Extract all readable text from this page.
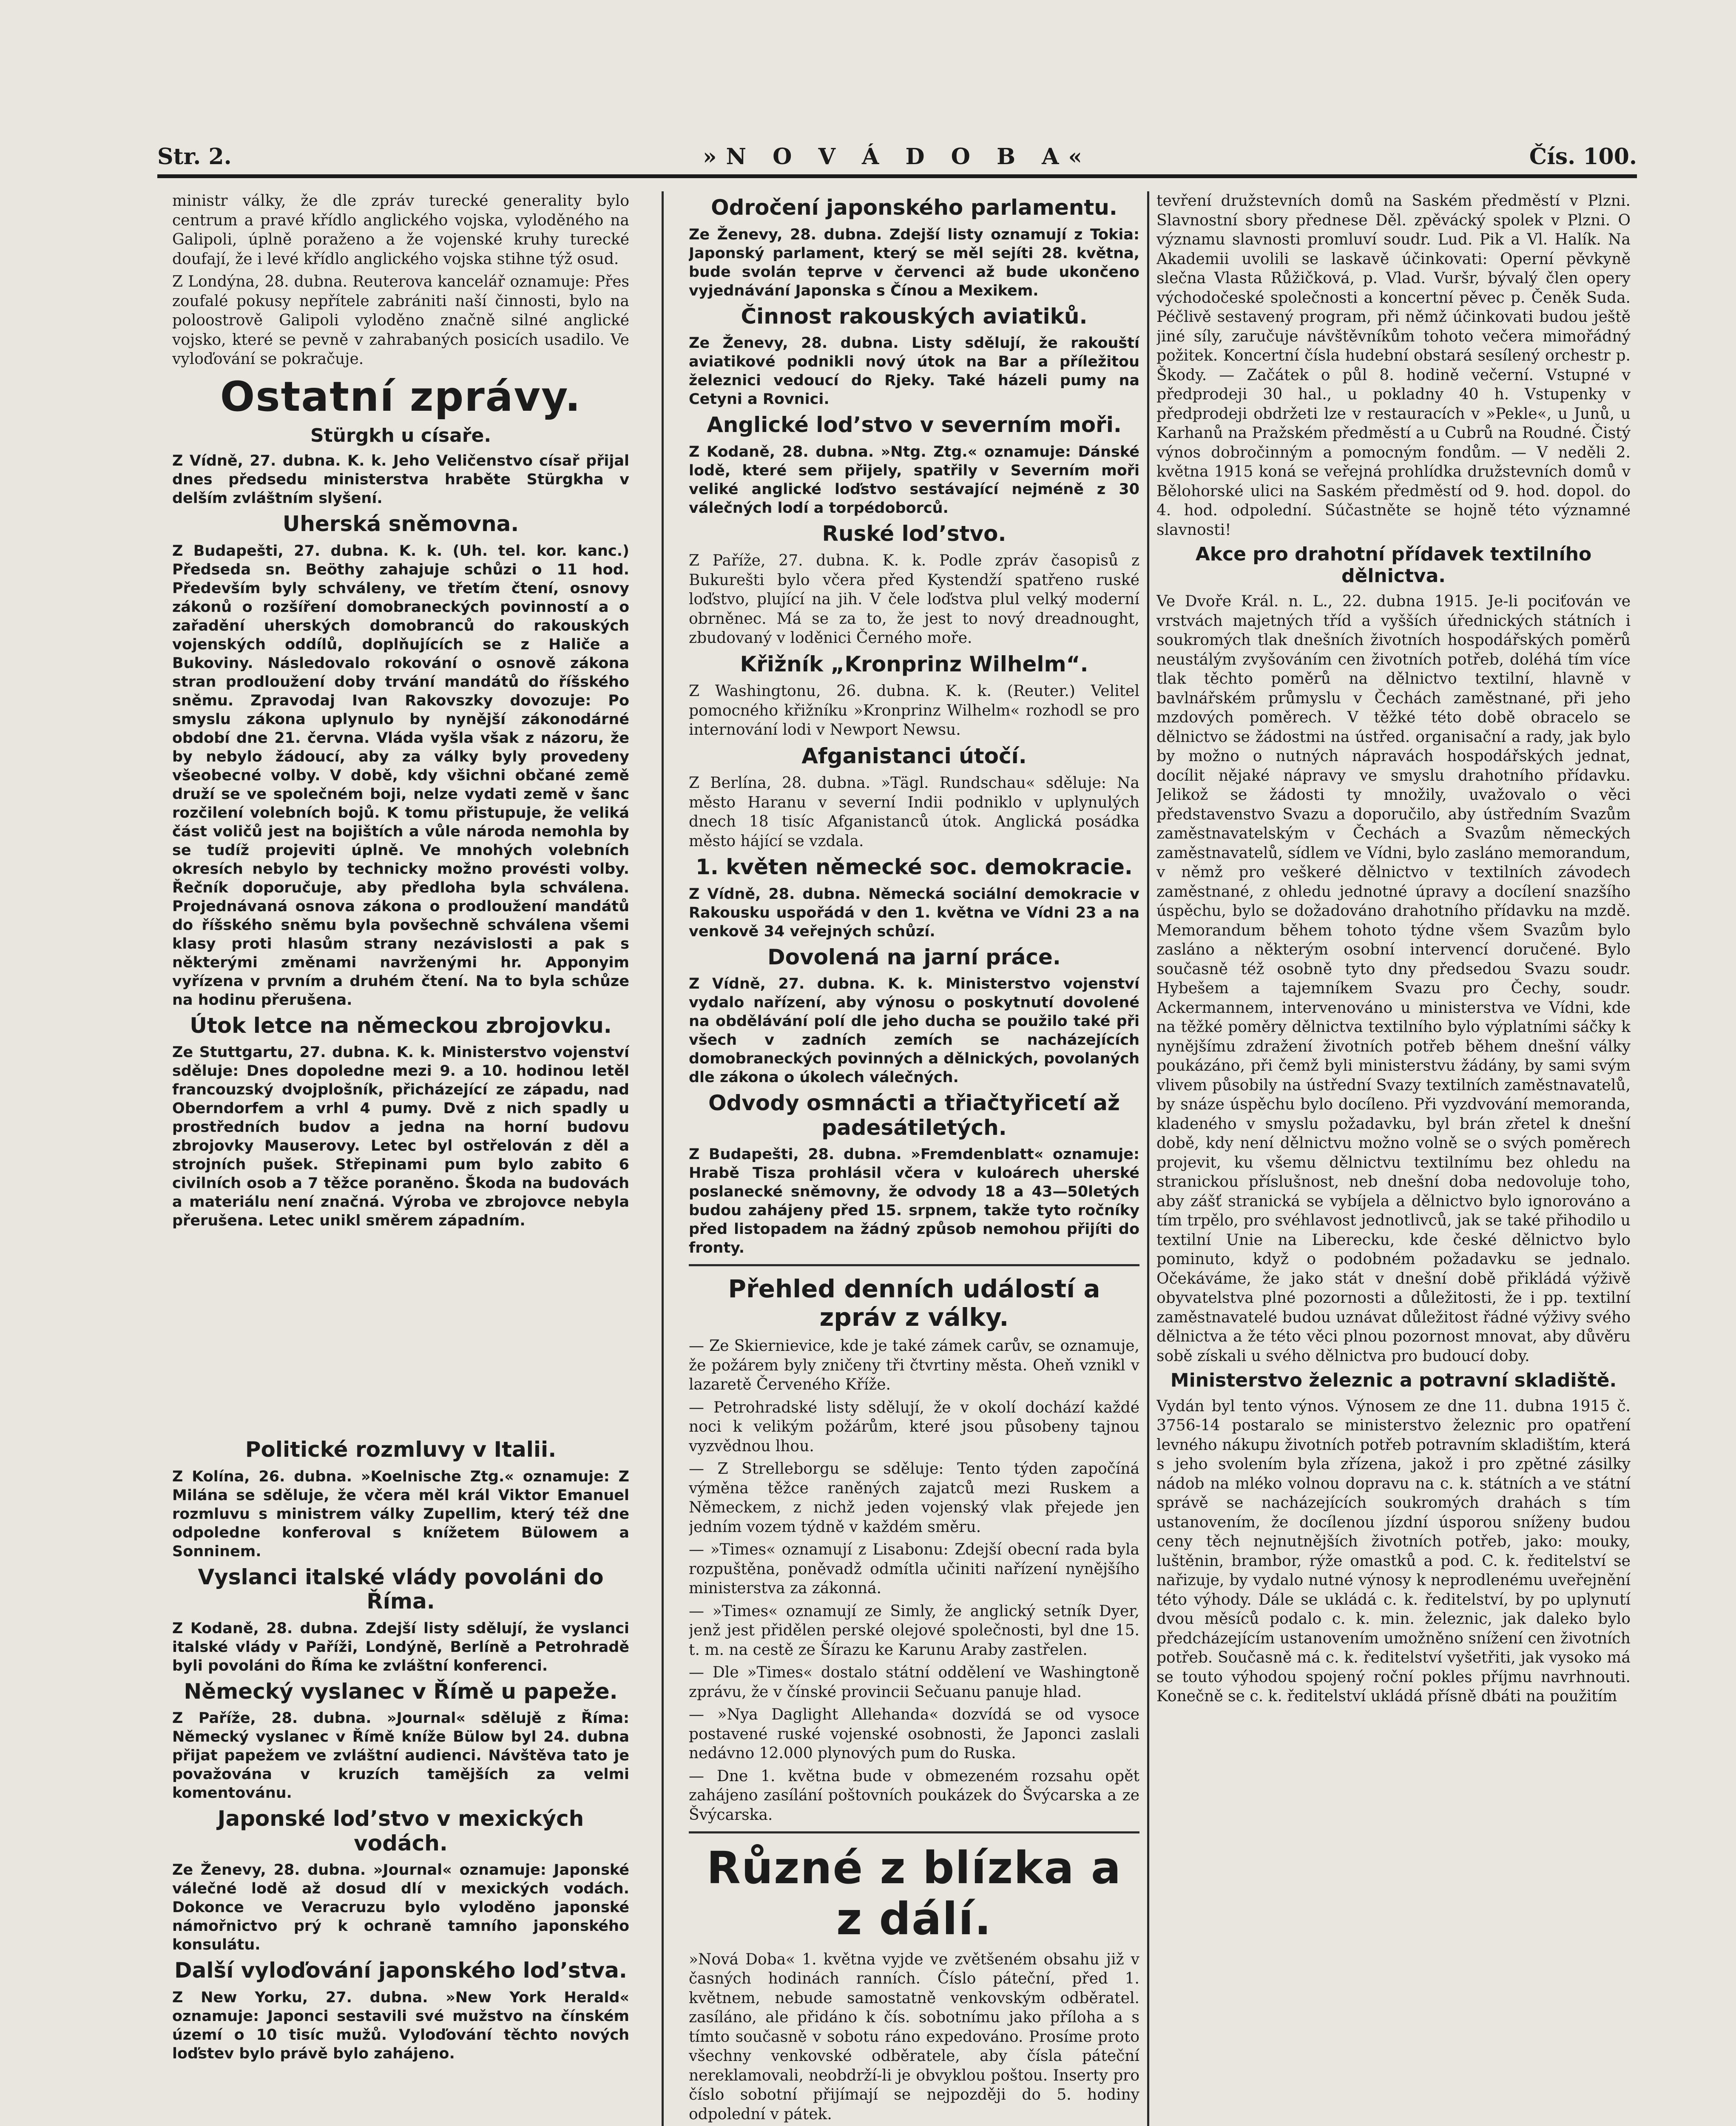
»N O V Á D O B A«
Str. 2.	Čís. 100.

ministr války, že dle zpráv turecké generality bylo centrum a pravé křídlo anglického vojska, vyloděného na Galipoli, úplně poraženo a že vojenské kruhy turecké doufají, že i levé křídlo anglického vojska stihne týž osud.

Z Londýna, 28. dubna. Reuterova kancelář oznamuje: Přes zoufalé pokusy nepřítele zabrániti naší činnosti, bylo na poloostrově Galipoli vyloděno značně silné anglické vojsko, které se pevně v zahrabaných posicích usadilo. Ve vyloďování se pokračuje.

Ostatní zprávy.
Stürgkh u císaře.

Z Vídně, 27. dubna. K. k. Jeho Veličenstvo císař přijal dnes předsedu ministerstva hraběte Stürgkha v delším zvláštním slyšení.

Uherská sněmovna.

Z Budapešti, 27. dubna. K. k. (Uh. tel. kor. kanc.) Předseda sn. Beöthy zahajuje schůzi o 11 hod. Především byly schváleny, ve třetím čtení, osnovy zákonů o rozšíření domobraneckých povinností a o zařadění uherských domobranců do rakouských vojenských oddílů, doplňujících se z Haliče a Bukoviny. Následovalo rokování o osnově zákona stran prodloužení doby trvání mandátů do říšského sněmu. Zpravodaj Ivan Rakovszky dovozuje: Po smyslu zákona uplynulo by nynější zákonodárné období dne 21. června. Vláda vyšla však z názoru, že by nebylo žádoucí, aby za války byly provedeny všeobecné volby. V době, kdy všichni občané země druží se ve společném boji, nelze vydati země v šanc rozčilení volebních bojů. K tomu přistupuje, že veliká část voličů jest na bojištích a vůle národa nemohla by se tudíž projeviti úplně. Ve mnohých volebních okresích nebylo by technicky možno provésti volby. Řečník doporučuje, aby předloha byla schválena. Projednávaná osnova zákona o prodloužení mandátů do říšského sněmu byla povšechně schválena všemi klasy proti hlasům strany nezávislosti a pak s některými změnami navrženými hr. Apponyim vyřízena v prvním a druhém čtení. Na to byla schůze na hodinu přerušena.

Útok letce na německou zbrojovku.

Ze Stuttgartu, 27. dubna. K. k. Ministerstvo vojenství sděluje: Dnes dopoledne mezi 9. a 10. hodinou letěl francouzský dvojplošník, přicházející ze západu, nad Oberndorfem a vrhl 4 pumy. Dvě z nich spadly u prostředních budov a jedna na horní budovu zbrojovky Mauserovy. Letec byl ostřelován z děl a strojních pušek. Střepinami pum bylo zabito 6 civilních osob a 7 těžce poraněno. Škoda na budovách a materiálu není značná. Výroba ve zbrojovce nebyla přerušena. Letec unikl směrem západním.

Politické rozmluvy v Italii.

Z Kolína, 26. dubna. »Koelnische Ztg.« oznamuje: Z Milána se sděluje, že včera měl král Viktor Emanuel rozmluvu s ministrem války Zupellim, který též dne odpoledne konferoval s knížetem Bülowem a Sonninem.

Vyslanci italské vlády povoláni do Říma.

Z Kodaně, 28. dubna. Zdejší listy sdělují, že vyslanci italské vlády v Paříži, Londýně, Berlíně a Petrohradě byli povoláni do Říma ke zvláštní konferenci.

Německý vyslanec v Římě u papeže.

Z Paříže, 28. dubna. »Journal« sdělujě z Říma: Německý vyslanec v Římě kníže Bülow byl 24. dubna přijat papežem ve zvláštní audienci. Návštěva tato je považována v kruzích tamějších za velmi komentovánu.

Japonské lodʼstvo v mexických vodách.

Ze Ženevy, 28. dubna. »Journal« oznamuje: Japonské válečné lodě až dosud dlí v mexických vodách. Dokonce ve Veracruzu bylo vyloděno japonské námořnictvo prý k ochraně tamního japonského konsulátu.

Další vyloďování japonského lodʼstva.

Z New Yorku, 27. dubna. »New York Herald« oznamuje: Japonci sestavili své mužstvo na čínském území o 10 tisíc mužů. Vyloďování těchto nových loďstev bylo právě bylo zahájeno.

Odročení japonského parlamentu.

Ze Ženevy, 28. dubna. Zdejší listy oznamují z Tokia: Japonský parlament, který se měl sejíti 28. května, bude svolán teprve v červenci až bude ukončeno vyjednávání Japonska s Čínou a Mexikem.

Činnost rakouských aviatiků.

Ze Ženevy, 28. dubna. Listy sdělují, že rakouští aviatikové podnikli nový útok na Bar a příležitou železnici vedoucí do Rjeky. Také házeli pumy na Cetyni a Rovnici.

Anglické lodʼstvo v severním moři.

Z Kodaně, 28. dubna. »Ntg. Ztg.« oznamuje: Dánské lodě, které sem přijely, spatřily v Severním moři veliké anglické loďstvo sestávající nejméně z 30 válečných lodí a torpédoborců.

Ruské lodʼstvo.

Z Paříže, 27. dubna. K. k. Podle zpráv časopisů z Bukurešti bylo včera před Kystendží spatřeno ruské loďstvo, plující na jih. V čele loďstva plul velký moderní obrněnec. Má se za to, že jest to nový dreadnought, zbudovaný v loděnici Černého moře.

Křižník „Kronprinz Wilhelm“.

Z Washingtonu, 26. dubna. K. k. (Reuter.) Velitel pomocného křižníku »Kronprinz Wilhelm« rozhodl se pro internování lodi v Newport Newsu.

Afganistanci útočí.

Z Berlína, 28. dubna. »Tägl. Rundschau« sděluje: Na město Haranu v severní Indii podniklo v uplynulých dnech 18 tisíc Afganistanců útok. Anglická posádka město hájící se vzdala.

1. květen německé soc. demokracie.

Z Vídně, 28. dubna. Německá sociální demokracie v Rakousku uspořádá v den 1. května ve Vídni 23 a na venkově 34 veřejných schůzí.

Dovolená na jarní práce.

Z Vídně, 27. dubna. K. k. Ministerstvo vojenství vydalo nařízení, aby výnosu o poskytnutí dovolené na obdělávání polí dle jeho ducha se použilo také při všech v zadních zemích se nacházejících domobraneckých povinných a dělnických, povolaných dle zákona o úkolech válečných.

Odvody osmnácti a třiačtyřicetí až padesátiletých.

Z Budapešti, 28. dubna. »Fremdenblatt« oznamuje: Hrabě Tisza prohlásil včera v kuloárech uherské poslanecké sněmovny, že odvody 18 a 43—50letých budou zahájeny před 15. srpnem, takže tyto ročníky před listopadem na žádný způsob nemohou přijíti do fronty.

Přehled denních událostí a zpráv z války.

— Ze Skiernievice, kde je také zámek carův, se oznamuje, že požárem byly zničeny tři čtvrtiny města. Oheň vznikl v lazaretě Červeného Kříže.

— Petrohradské listy sdělují, že v okolí dochází každé noci k velikým požárům, které jsou působeny tajnou vyzvědnou lhou.

— Z Strelleborgu se sděluje: Tento týden započíná výměna těžce raněných zajatců mezi Ruskem a Německem, z nichž jeden vojenský vlak přejede jen jedním vozem týdně v každém směru.

— »Times« oznamují z Lisabonu: Zdejší obecní rada byla rozpuštěna, poněvadž odmítla učiniti nařízení nynějšího ministerstva za zákonná.

— »Times« oznamují ze Simly, že anglický setník Dyer, jenž jest přidělen perské olejové společnosti, byl dne 15. t. m. na cestě ze Šírazu ke Karunu Araby zastřelen.

— Dle »Times« dostalo státní oddělení ve Washingtoně zprávu, že v čínské provincii Sečuanu panuje hlad.

— »Nya Daglight Allehanda« dozvídá se od vysoce postavené ruské vojenské osobnosti, že Japonci zaslali nedávno 12.000 plynových pum do Ruska.

— Dne 1. května bude v obmezeném rozsahu opět zahájeno zasílání poštovních poukázek do Švýcarska a ze Švýcarska.

Různé z blízka a z dálí.

»Nová Doba« 1. května vyjde ve zvětšeném obsahu již v časných hodinách ranních. Číslo páteční, před 1. květnem, nebude samostatně venkovským odběratel. zasíláno, ale přidáno k čís. sobotnímu jako příloha a s tímto současně v sobotu ráno expedováno. Prosíme proto všechny venkovské odběratele, aby čísla páteční nereklamovali, neobdrží-li je obvyklou poštou. Inserty pro číslo sobotní přijímají se nejpozději do 5. hodiny odpolední v pátek.

tevření družstevních domů na Saském předměstí v Plzni. Slavnostní sbory přednese Děl. zpěvácký spolek v Plzni. O významu slavnosti promluví soudr. Lud. Pik a Vl. Halík. Na Akademii uvolili se laskavě účinkovati: Operní pěvkyně slečna Vlasta Růžičková, p. Vlad. Vuršr, bývalý člen opery východočeské společnosti a koncertní pěvec p. Čeněk Suda. Péčlivě sestavený program, při němž účinkovati budou ještě jiné síly, zaručuje návštěvníkům tohoto večera mimořádný požitek. Koncertní čísla hudební obstará sesílený orchestr p. Škody. — Začátek o půl 8. hodině večerní. Vstupné v předprodeji 30 hal., u pokladny 40 h. Vstupenky v předprodeji obdržeti lze v restauracích v »Pekle«, u Junů, u Karhanů na Pražském předměstí a u Cubrů na Roudné. Čistý výnos dobročinným a pomocným fondům. — V neděli 2. května 1915 koná se veřejná prohlídka družstevních domů v Bělohorské ulici na Saském předměstí od 9. hod. dopol. do 4. hod. odpolední. Súčastněte se hojně této významné slavnosti!

Akce pro drahotní přídavek textilního dělnictva.

Ve Dvoře Král. n. L., 22. dubna 1915. Je-li pociťován ve vrstvách majetných tříd a vyšších úřednických státních i soukromých tlak dnešních životních hospodářských poměrů neustálým zvyšováním cen životních potřeb, doléhá tím více tlak těchto poměrů na dělnictvo textilní, hlavně v bavlnářském průmyslu v Čechách zaměstnané, při jeho mzdových poměrech. V těžké této době obracelo se dělnictvo se žádostmi na ústřed. organisační a rady, jak bylo by možno o nutných nápravách hospodářských jednat, docílit nějaké nápravy ve smyslu drahotního přídavku. Jelikož se žádosti ty množily, uvažovalo o věci představenstvo Svazu a doporučilo, aby ústředním Svazům zaměstnavatelským v Čechách a Svazům německých zaměstnavatelů, sídlem ve Vídni, bylo zasláno memorandum, v němž pro veškeré dělnictvo v textilních závodech zaměstnané, z ohledu jednotné úpravy a docílení snazšího úspěchu, bylo se dožadováno drahotního přídavku na mzdě. Memorandum během tohoto týdne všem Svazům bylo zasláno a některým osobní intervencí doručené. Bylo současně též osobně tyto dny předsedou Svazu soudr. Hybešem a tajemníkem Svazu pro Čechy, soudr. Ackermannem, intervenováno u ministerstva ve Vídni, kde na těžké poměry dělnictva textilního bylo výplatními sáčky k nynějšímu zdražení životních potřeb během dnešní války poukázáno, při čemž byli ministerstvu žádány, by sami svým vlivem působily na ústřední Svazy textilních zaměstnavatelů, by snáze úspěchu bylo docíleno. Při vyzdvování memoranda, kladeného v smyslu požadavku, byl brán zřetel k dnešní době, kdy není dělnictvu možno volně se o svých poměrech projevit, ku všemu dělnictvu textilnímu bez ohledu na stranickou příslušnost, neb dnešní doba nedovoluje toho, aby zášť stranická se vybíjela a dělnictvo bylo ignorováno a tím trpělo, pro svéhlavost jednotlivců, jak se také přihodilo u textilní Unie na Liberecku, kde české dělnictvo bylo pominuto, když o podobném požadavku se jednalo. Očekáváme, že jako stát v dnešní době přikládá výživě obyvatelstva plné pozornosti a důležitosti, že i pp. textilní zaměstnavatelé budou uznávat důležitost řádné výživy svého dělnictva a že této věci plnou pozornost mnovat, aby důvěru sobě získali u svého dělnictva pro budoucí doby.

Ministerstvo železnic a potravní skladiště.

Vydán byl tento výnos. Výnosem ze dne 11. dubna 1915 č. 3756-14 postaralo se ministerstvo železnic pro opatření levného nákupu životních potřeb potravním skladištím, která s jeho svolením byla zřízena, jakož i pro zpětné zásilky nádob na mléko volnou dopravu na c. k. státních a ve státní správě se nacházejících soukromých drahách s tím ustanovením, že docílenou jízdní úsporou sníženy budou ceny těch nejnutnějších životních potřeb, jako: mouky, luštěnin, brambor, rýže omastků a pod. C. k. ředitelství se nařizuje, by vydalo nutné výnosy k neprodlenému uveřejnění této výhody. Dále se ukládá c. k. ředitelství, by po uplynutí dvou měsíců podalo c. k. min. železnic, jak daleko bylo předcházejícím ustanovením umožněno snížení cen životních potřeb. Současně má c. k. ředitelství vyšetřiti, jak vysoko má se touto výhodou spojený roční pokles příjmu navrhnouti. Konečně se c. k. ředitelství ukládá přísně dbáti na použitím
